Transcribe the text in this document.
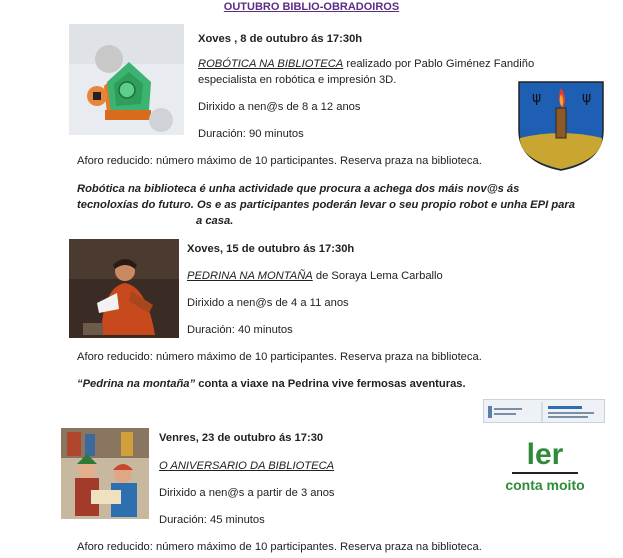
OUTUBRO BIBLIO-OBRADOIROS
Xoves , 8 de outubro ás 17:30h
ROBÓTICA NA BIBLIOTECA realizado por Pablo Giménez Fandiño
especialista en robótica e impresión 3D.
Dirixido a nen@s de 8 a 12 anos
Duración: 90 minutos
Aforo reducido: número máximo de 10 participantes. Reserva praza na biblioteca.
Robótica na biblioteca é unha actividade que procura a achega dos máis nov@s ás
tecnoloxías do futuro. Os e as participantes poderán levar o seu propio robot e unha EPI para
a casa.
ψ	ψ
Xoves, 15 de outubro ás 17:30h
PEDRINA NA MONTAÑA de Soraya Lema Carballo
Dirixido a nen@s de 4 a 11 anos
Duración: 40 minutos
Aforo reducido: número máximo de 10 participantes. Reserva praza na biblioteca.
“Pedrina na montaña” conta a viaxe na Pedrina vive fermosas aventuras.
Venres, 23 de outubro ás 17:30
O ANIVERSARIO DA BIBLIOTECA
Dirixido a nen@s a partir de 3 anos
Duración: 45 minutos
Aforo reducido: número máximo de 10 participantes. Reserva praza na biblioteca.
ler
conta moito
